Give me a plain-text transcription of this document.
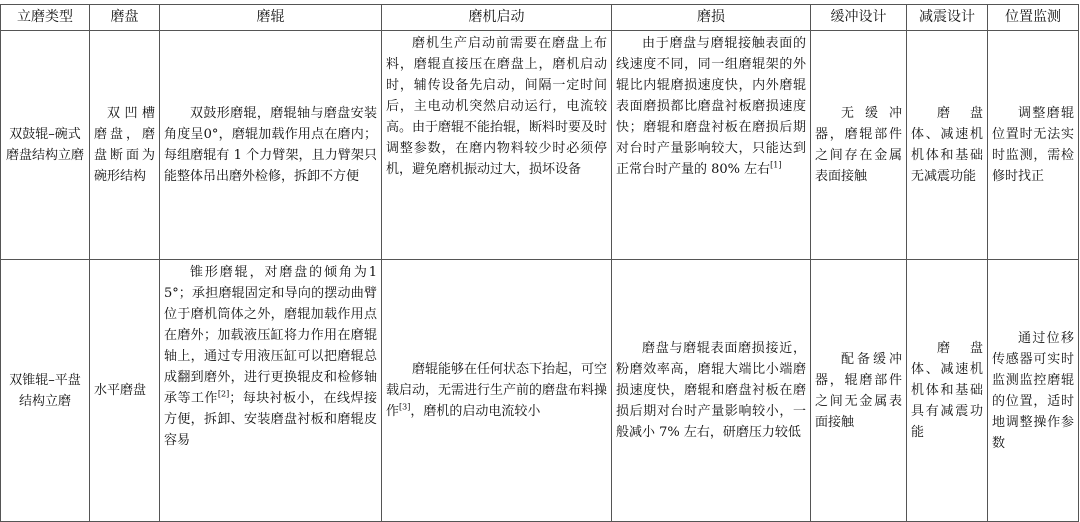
立磨类型	磨盘	磨辊	磨机启动	磨损	缓冲设计	减震设计	位置监测
双鼓辊–碗式磨盘结构立磨	双凹槽磨盘，磨盘断面为碗形结构	双鼓形磨辊，磨辊轴与磨盘安装角度呈0°，磨辊加载作用点在磨内；每组磨辊有 1 个力臂架，且力臂架只能整体吊出磨外检修，拆卸不方便	磨机生产启动前需要在磨盘上布料，磨辊直接压在磨盘上，磨机启动时，辅传设备先启动，间隔一定时间后，主电动机突然启动运行，电流较高。由于磨辊不能抬辊，断料时要及时调整参数，在磨内物料较少时必须停机，避免磨机振动过大，损坏设备	由于磨盘与磨辊接触表面的线速度不同，同一组磨辊架的外辊比内辊磨损速度快，内外磨辊表面磨损都比磨盘衬板磨损速度快；磨辊和磨盘衬板在磨损后期对台时产量影响较大，只能达到正常台时产量的 80% 左右[1]	无缓冲器，磨辊部件之间存在金属表面接触	磨盘体、减速机机体和基础无减震功能	调整磨辊位置时无法实时监测，需检修时找正
双锥辊–平盘结构立磨	水平磨盘	锥形磨辊，对磨盘的倾角为15°；承担磨辊固定和导向的摆动曲臂位于磨机筒体之外，磨辊加载作用点在磨外；加载液压缸将力作用在磨辊轴上，通过专用液压缸可以把磨辊总成翻到磨外，进行更换辊皮和检修轴承等工作[2]；每块衬板小，在线焊接方便，拆卸、安装磨盘衬板和磨辊皮容易	磨辊能够在任何状态下抬起，可空载启动，无需进行生产前的磨盘布料操作[3]，磨机的启动电流较小	磨盘与磨辊表面磨损接近，粉磨效率高，磨辊大端比小端磨损速度快，磨辊和磨盘衬板在磨损后期对台时产量影响较小，一般减小 7% 左右，研磨压力较低	配备缓冲器，辊磨部件之间无金属表面接触	磨盘体、减速机机体和基础具有减震功能	通过位移传感器可实时监测监控磨辊的位置，适时地调整操作参数
